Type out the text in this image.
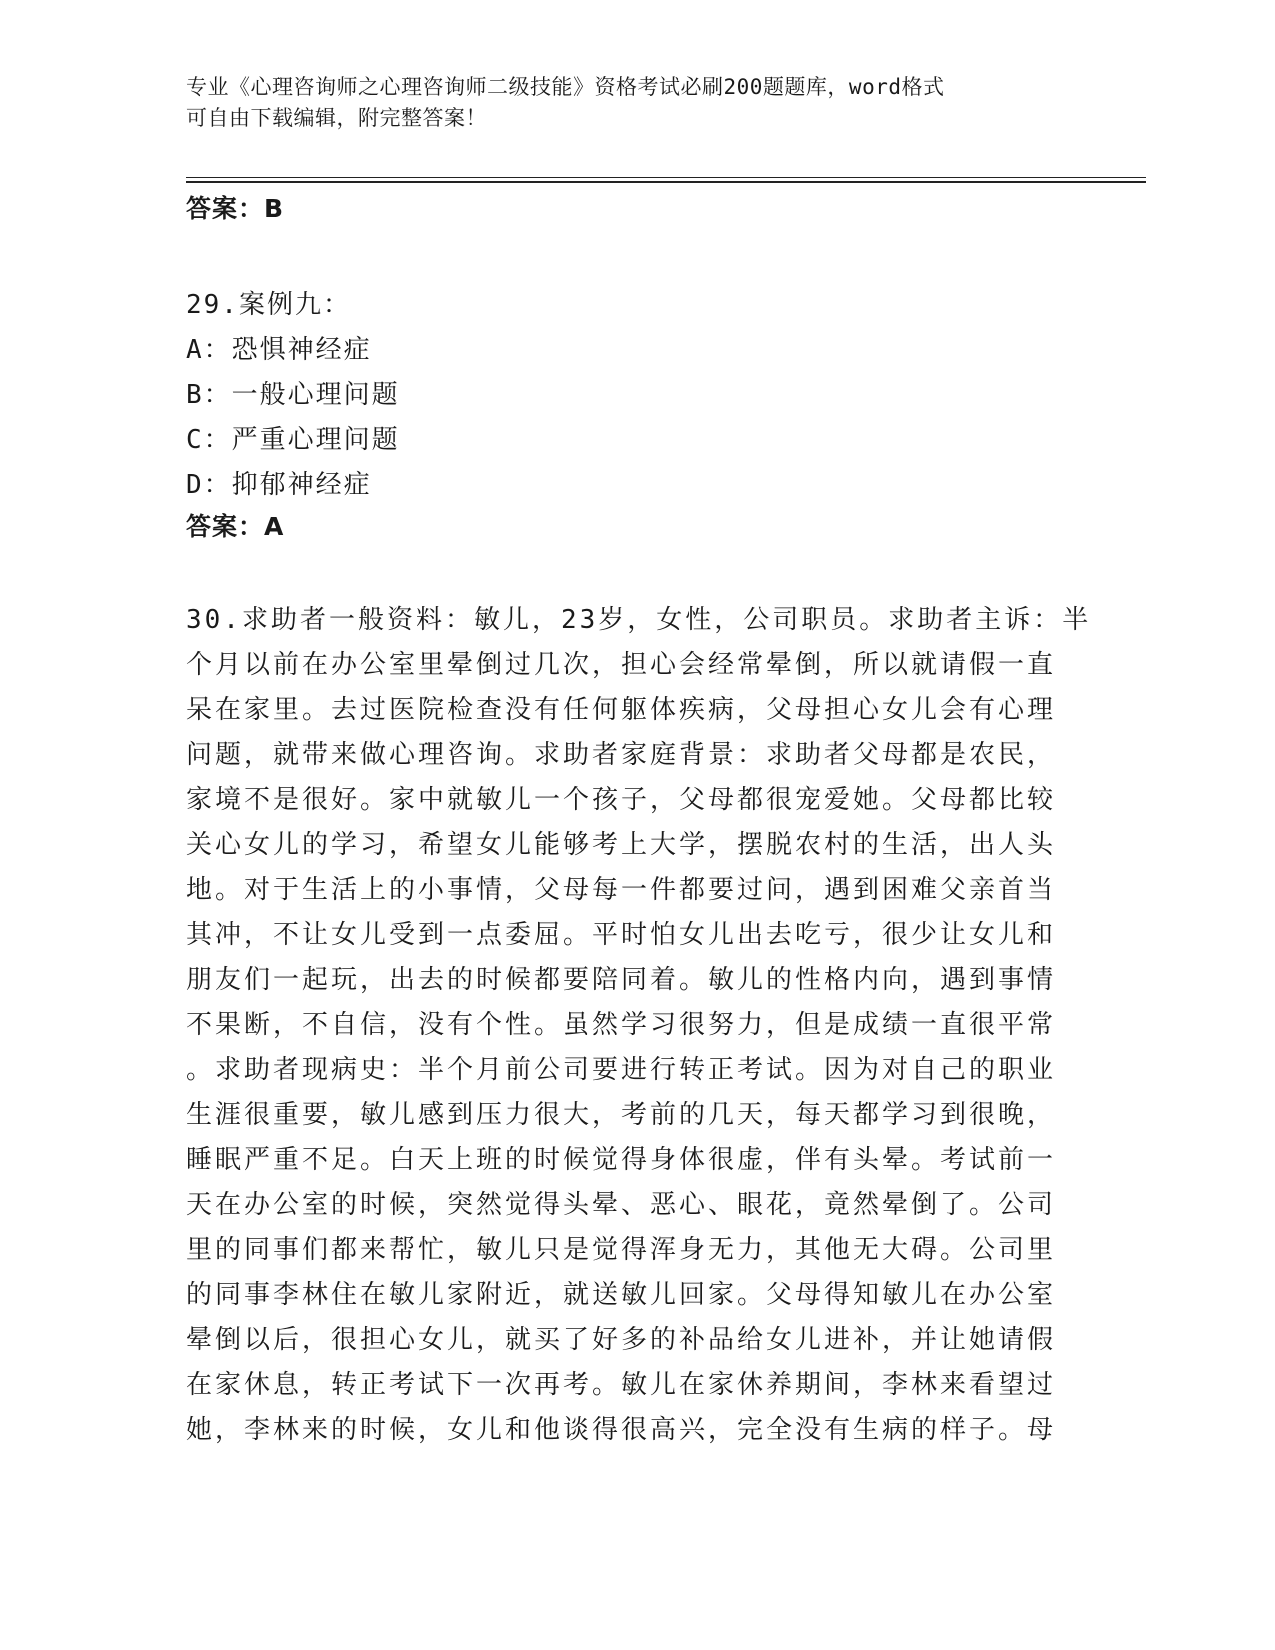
专业《心理咨询师之心理咨询师二级技能》资格考试必刷200题题库，word格式
可自由下载编辑，附完整答案！
答案：B
29.案例九：
A：恐惧神经症
B：一般心理问题
C：严重心理问题
D：抑郁神经症
答案：A
30.求助者一般资料：敏儿，23岁，女性，公司职员。求助者主诉：半
个月以前在办公室里晕倒过几次，担心会经常晕倒，所以就请假一直
呆在家里。去过医院检查没有任何躯体疾病，父母担心女儿会有心理
问题，就带来做心理咨询。求助者家庭背景：求助者父母都是农民，
家境不是很好。家中就敏儿一个孩子，父母都很宠爱她。父母都比较
关心女儿的学习，希望女儿能够考上大学，摆脱农村的生活，出人头
地。对于生活上的小事情，父母每一件都要过问，遇到困难父亲首当
其冲，不让女儿受到一点委屈。平时怕女儿出去吃亏，很少让女儿和
朋友们一起玩，出去的时候都要陪同着。敏儿的性格内向，遇到事情
不果断，不自信，没有个性。虽然学习很努力，但是成绩一直很平常
。求助者现病史：半个月前公司要进行转正考试。因为对自己的职业
生涯很重要，敏儿感到压力很大，考前的几天，每天都学习到很晚，
睡眠严重不足。白天上班的时候觉得身体很虚，伴有头晕。考试前一
天在办公室的时候，突然觉得头晕、恶心、眼花，竟然晕倒了。公司
里的同事们都来帮忙，敏儿只是觉得浑身无力，其他无大碍。公司里
的同事李林住在敏儿家附近，就送敏儿回家。父母得知敏儿在办公室
晕倒以后，很担心女儿，就买了好多的补品给女儿进补，并让她请假
在家休息，转正考试下一次再考。敏儿在家休养期间，李林来看望过
她，李林来的时候，女儿和他谈得很高兴，完全没有生病的样子。母
